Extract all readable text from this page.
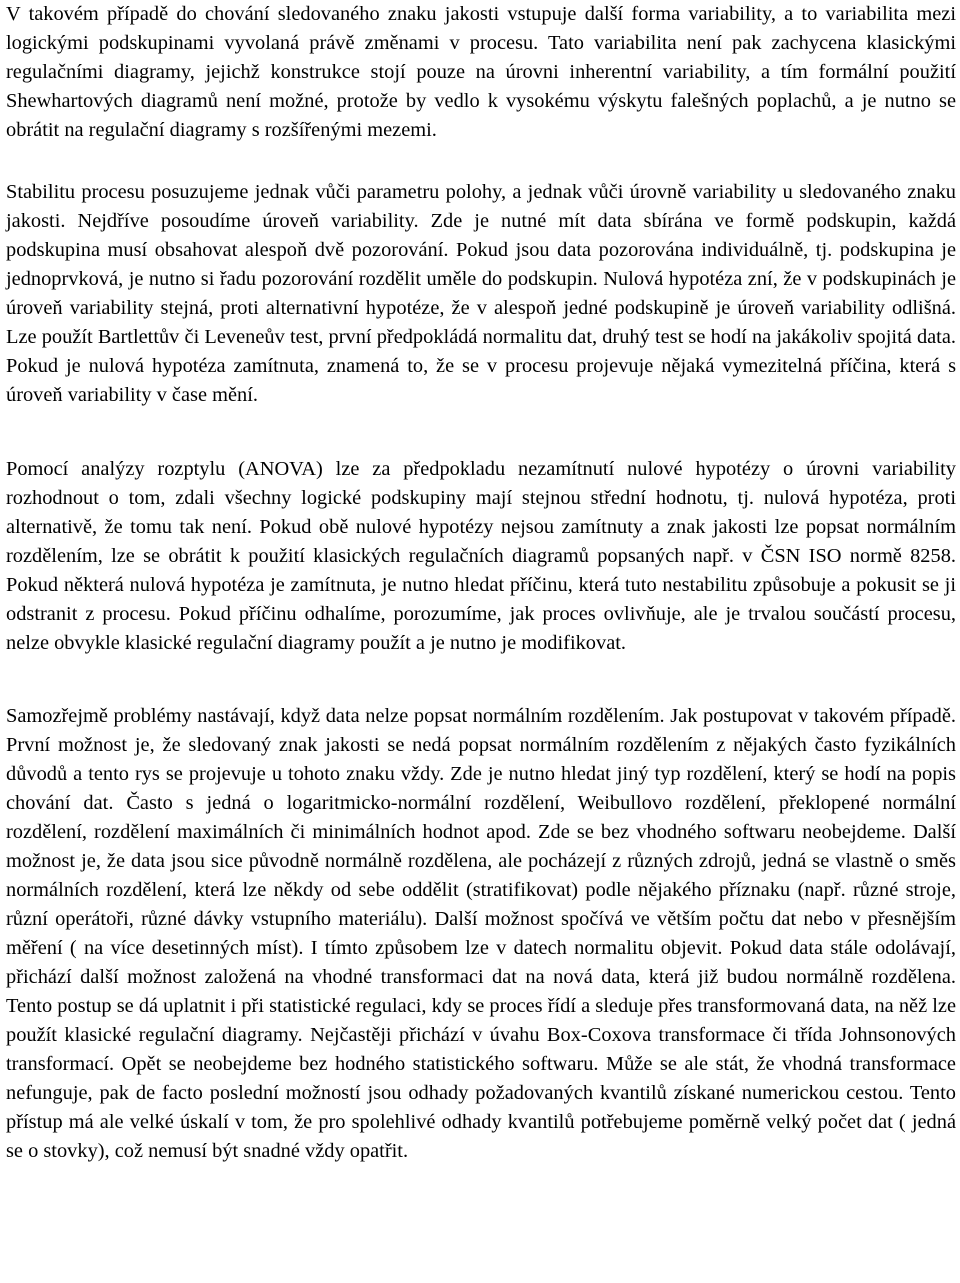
V takovém případě do chování sledovaného znaku jakosti vstupuje další forma variability, a to variabilita mezi logickými podskupinami vyvolaná právě změnami v procesu. Tato variabilita není pak zachycena klasickými regulačními diagramy, jejichž konstrukce stojí pouze na úrovni inherentní variability, a tím formální použití Shewhartových diagramů není možné, protože by vedlo k vysokému výskytu falešných poplachů, a je nutno se obrátit na regulační diagramy s rozšířenými mezemi.

Stabilitu procesu posuzujeme jednak vůči parametru polohy, a jednak vůči úrovně variability u sledovaného znaku jakosti. Nejdříve posoudíme úroveň variability. Zde je nutné mít data sbírána ve formě podskupin, každá podskupina musí obsahovat alespoň dvě pozorování. Pokud jsou data pozorována individuálně, tj. podskupina je jednoprvková, je nutno si řadu pozorování rozdělit uměle do podskupin. Nulová hypotéza zní, že v podskupinách je úroveň variability stejná, proti alternativní hypotéze, že v alespoň jedné podskupině je úroveň variability odlišná. Lze použít Bartlettův či Leveneův test, první předpokládá normalitu dat, druhý test se hodí na jakákoliv spojitá data. Pokud je nulová hypotéza zamítnuta, znamená to, že se v procesu projevuje nějaká vymezitelná příčina, která s úroveň variability v čase mění.

Pomocí analýzy rozptylu (ANOVA) lze za předpokladu nezamítnutí nulové hypotézy o úrovni variability rozhodnout o tom, zdali všechny logické podskupiny mají stejnou střední hodnotu, tj. nulová hypotéza, proti alternativě, že tomu tak není. Pokud obě nulové hypotézy nejsou zamítnuty a znak jakosti lze popsat normálním rozdělením, lze se obrátit k použití klasických regulačních diagramů popsaných např. v ČSN ISO normě 8258. Pokud některá nulová hypotéza je zamítnuta, je nutno hledat příčinu, která tuto nestabilitu způsobuje a pokusit se ji odstranit z procesu. Pokud příčinu odhalíme, porozumíme, jak proces ovlivňuje, ale je trvalou součástí procesu, nelze obvykle klasické regulační diagramy použít a je nutno je modifikovat.

Samozřejmě problémy nastávají, když data nelze popsat normálním rozdělením. Jak postupovat v takovém případě. První možnost je, že sledovaný znak jakosti se nedá popsat normálním rozdělením z nějakých často fyzikálních důvodů a tento rys se projevuje u tohoto znaku vždy. Zde je nutno hledat jiný typ rozdělení, který se hodí na popis chování dat. Často s jedná o logaritmicko-normální rozdělení, Weibullovo rozdělení, překlopené normální rozdělení, rozdělení maximálních či minimálních hodnot apod. Zde se bez vhodného softwaru neobejdeme. Další možnost je, že data jsou sice původně normálně rozdělena, ale pocházejí z různých zdrojů, jedná se vlastně o směs normálních rozdělení, která lze někdy od sebe oddělit (stratifikovat) podle nějakého příznaku (např. různé stroje, různí operátoři, různé dávky vstupního materiálu). Další možnost spočívá ve větším počtu dat nebo v přesnějším měření ( na více desetinných míst). I tímto způsobem lze v datech normalitu objevit. Pokud data stále odolávají, přichází další možnost založená na vhodné transformaci dat na nová data, která již budou normálně rozdělena. Tento postup se dá uplatnit i při statistické regulaci, kdy se proces řídí a sleduje přes transformovaná data, na něž lze použít klasické regulační diagramy. Nejčastěji přichází v úvahu Box-Coxova transformace či třída Johnsonových transformací. Opět se neobejdeme bez hodného statistického softwaru. Může se ale stát, že vhodná transformace nefunguje, pak de facto poslední možností jsou odhady požadovaných kvantilů získané numerickou cestou. Tento přístup má ale velké úskalí v tom, že pro spolehlivé odhady kvantilů potřebujeme poměrně velký počet dat ( jedná se o stovky), což nemusí být snadné vždy opatřit.
